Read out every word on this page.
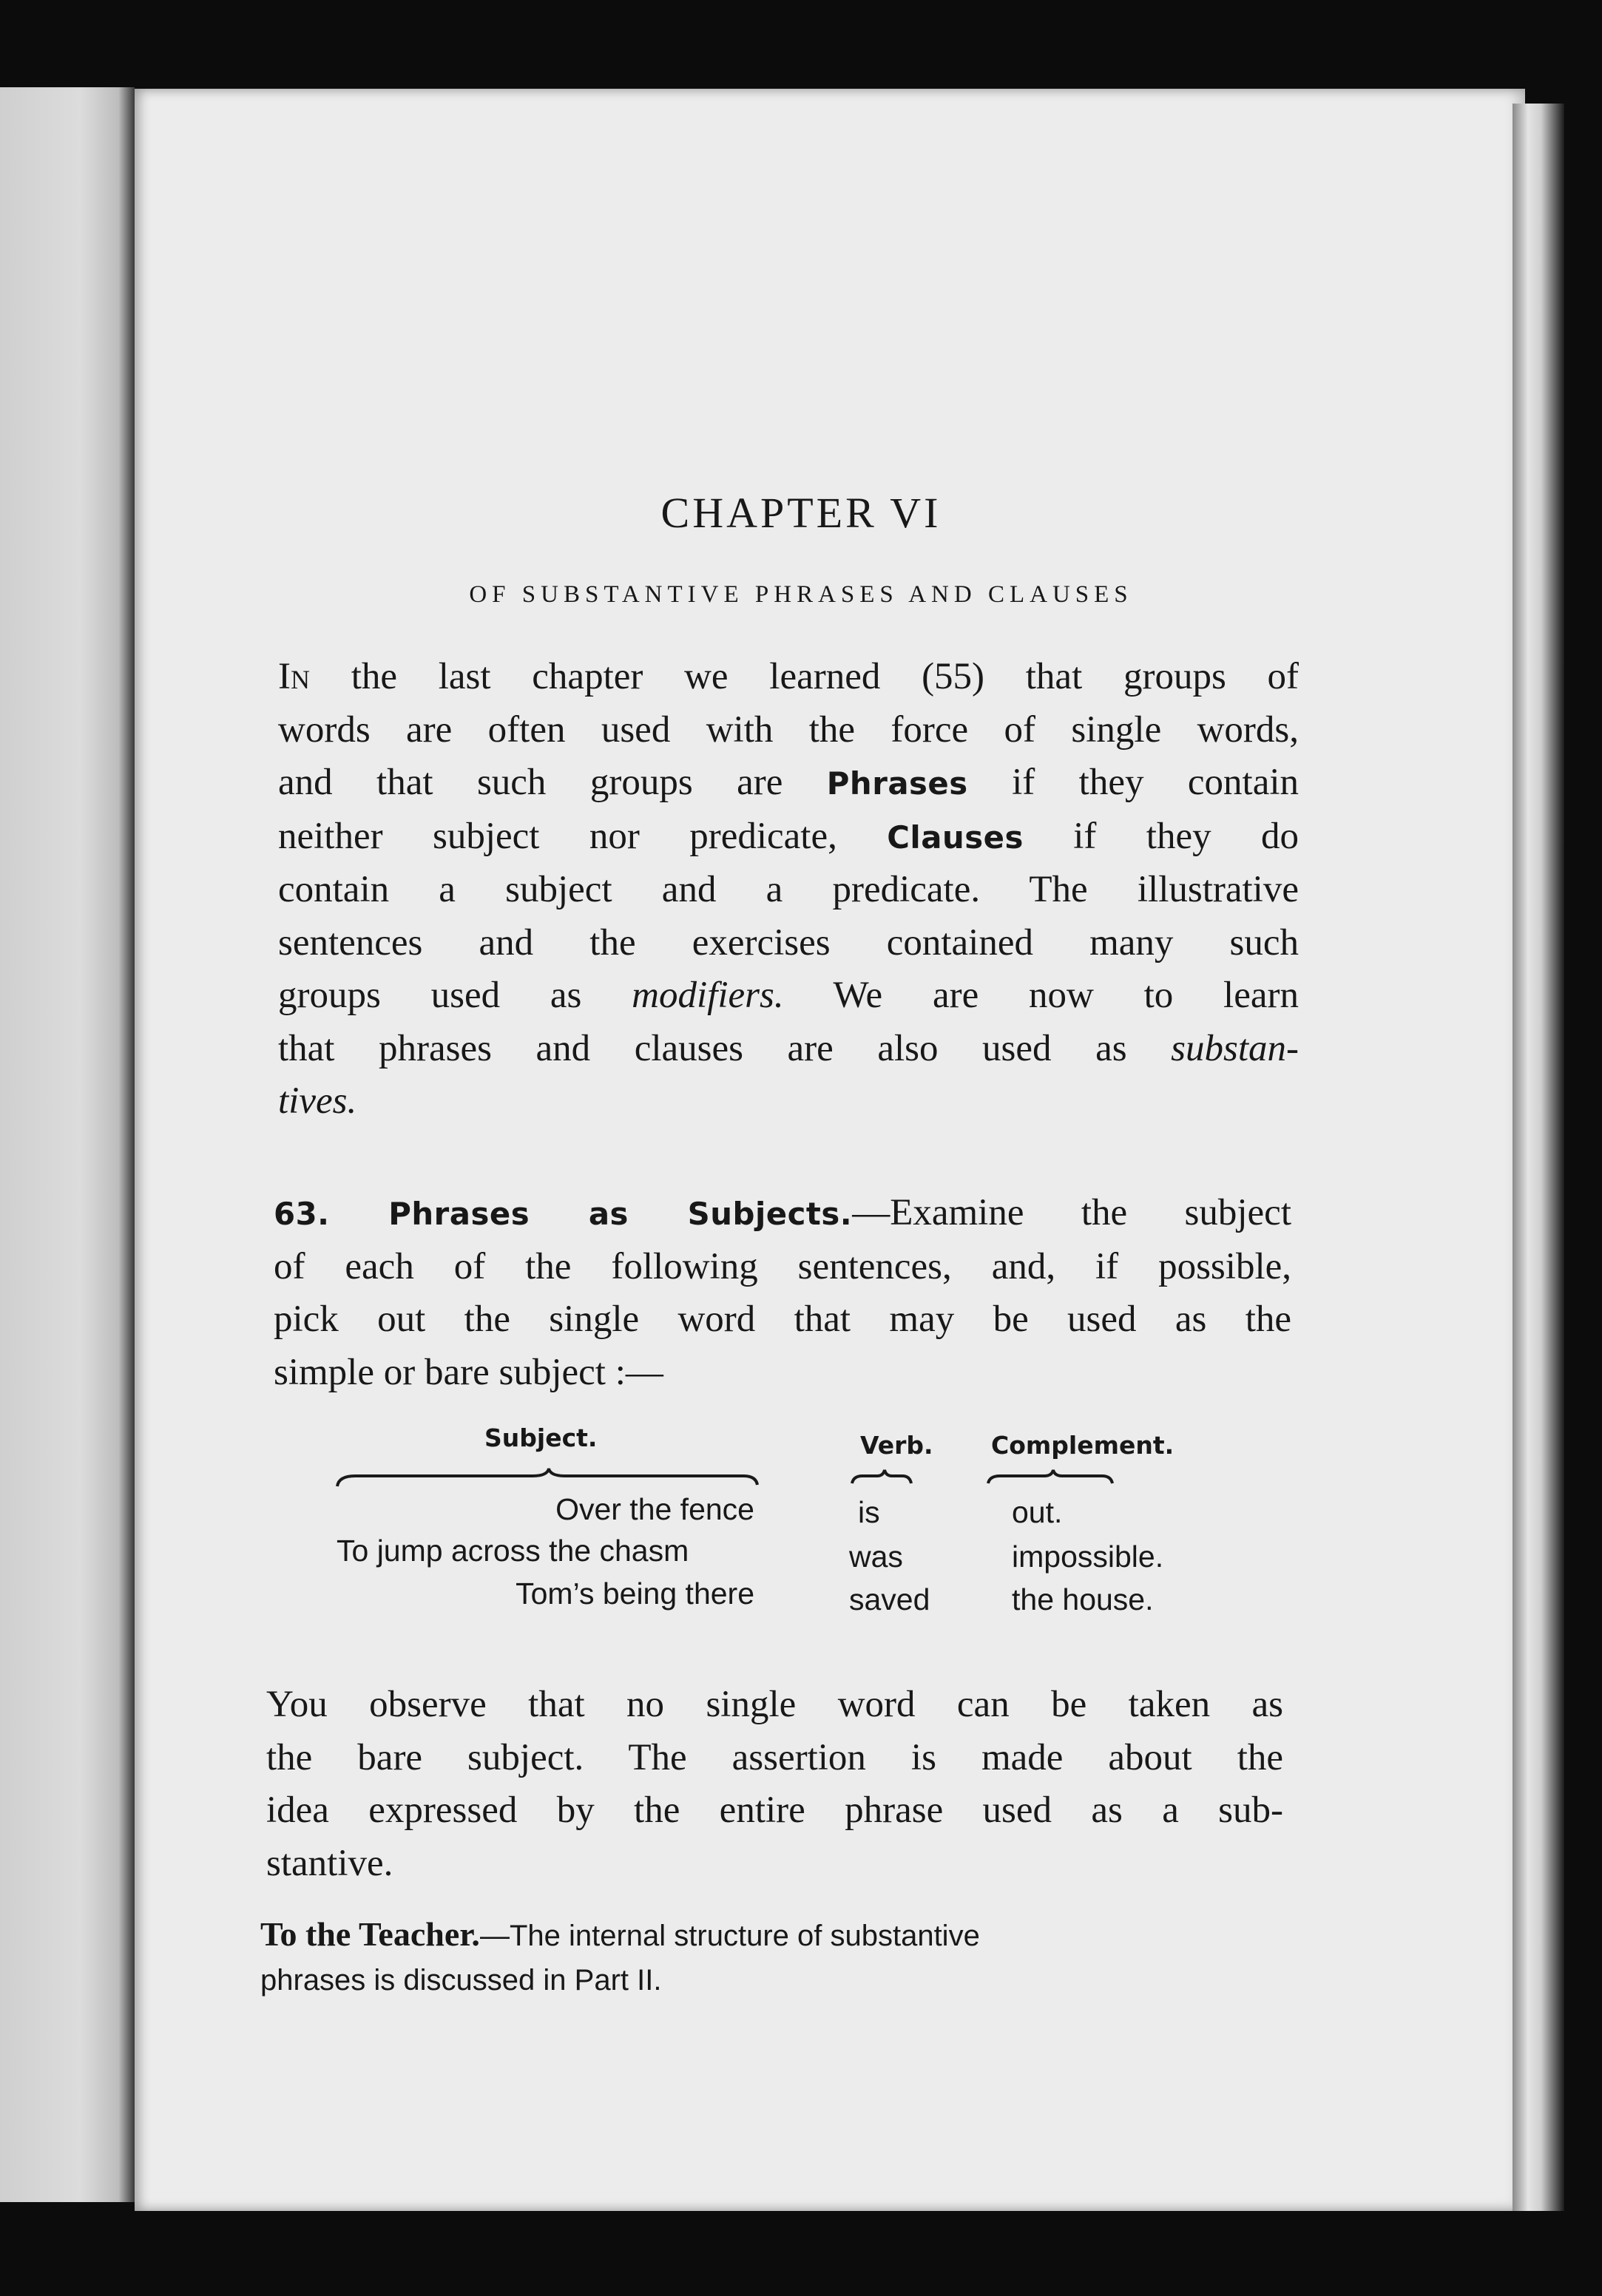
CHAPTER VI
OF SUBSTANTIVE PHRASES AND CLAUSES
In the last chapter we learned (55) that groups of
words are often used with the force of single words,
and that such groups are Phrases if they contain
neither subject nor predicate, Clauses if they do
contain a subject and a predicate. The illustrative
sentences and the exercises contained many such
groups used as modifiers. We are now to learn
that phrases and clauses are also used as substan-
tives.
63. Phrases as Subjects.—Examine the subject
of each of the following sentences, and, if possible,
pick out the single word that may be used as the
simple or bare subject :—
Subject.	Verb. Complement.
Over the fence	is	out.
To jump across the chasm	was	impossible.
Tom’s being there	saved	the house.
You observe that no single word can be taken as
the bare subject. The assertion is made about the
idea expressed by the entire phrase used as a sub-
stantive.
To the Teacher.—The internal structure of substantive
phrases is discussed in Part II.
